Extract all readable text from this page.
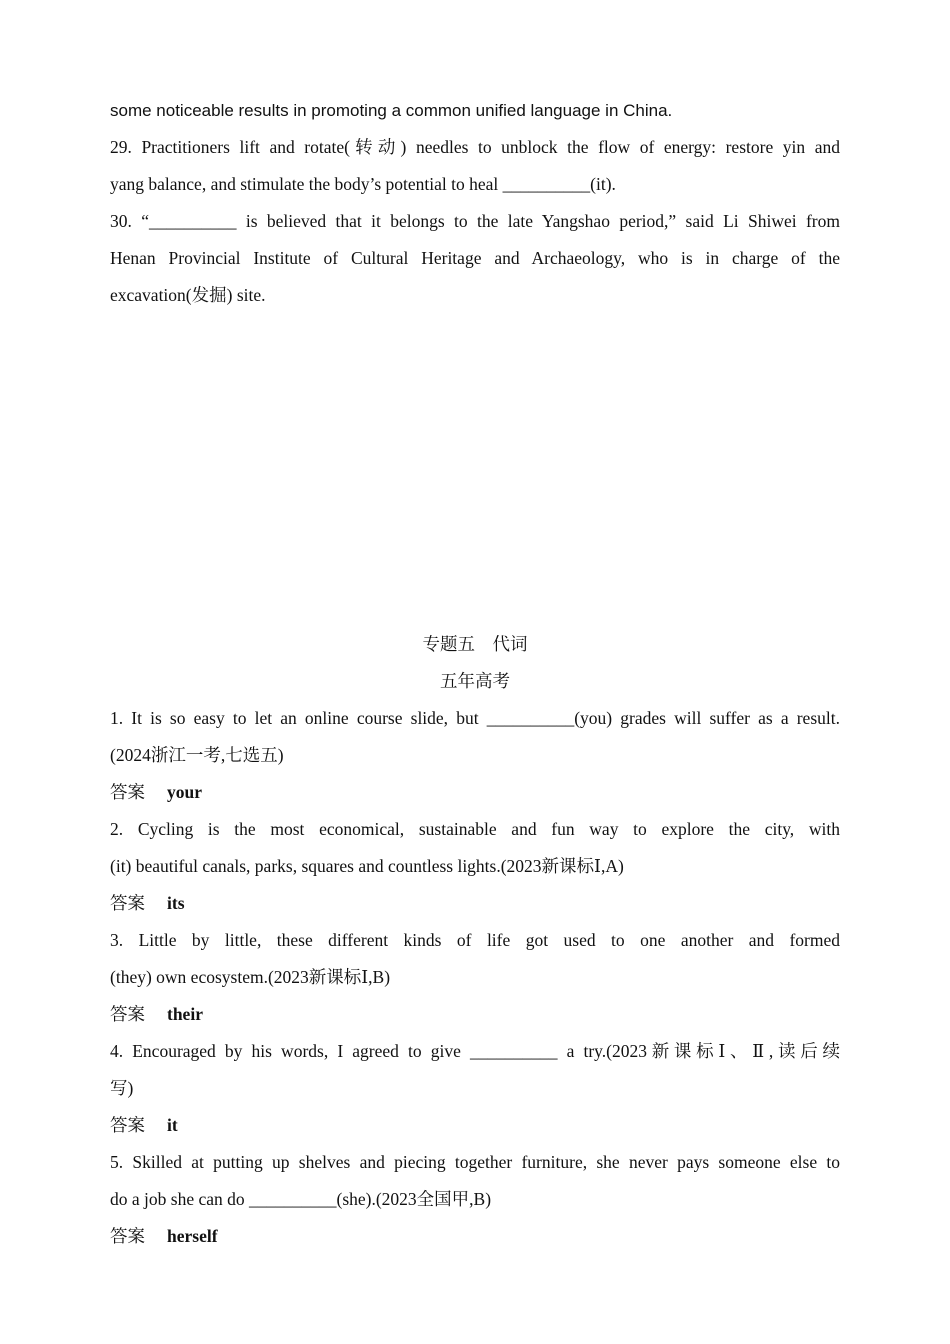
some noticeable results in promoting a common unified language in China.
29. Practitioners lift and rotate(转动) needles to unblock the flow of energy: restore yin and
yang balance, and stimulate the body’s potential to heal __________(it).
30. “__________ is believed that it belongs to the late Yangshao period,” said Li Shiwei from
Henan Provincial Institute of Cultural Heritage and Archaeology, who is in charge of the
excavation(发掘) site.
专题五　代词
五年高考
1. It is so easy to let an online course slide, but __________(you) grades will suffer as a result.
(2024浙江一考,七选五)
答案 your
2. Cycling is the most economical, sustainable and fun way to explore the city, with
(it) beautiful canals, parks, squares and countless lights.(2023新课标Ⅰ,A)
答案 its
3. Little by little, these different kinds of life got used to one another and formed
(they) own ecosystem.(2023新课标Ⅰ,B)
答案 their
4. Encouraged by his words, I agreed to give __________ a try.(2023新课标Ⅰ、Ⅱ,读后续
写)
答案 it
5. Skilled at putting up shelves and piecing together furniture, she never pays someone else to
do a job she can do __________(she).(2023全国甲,B)
答案 herself
